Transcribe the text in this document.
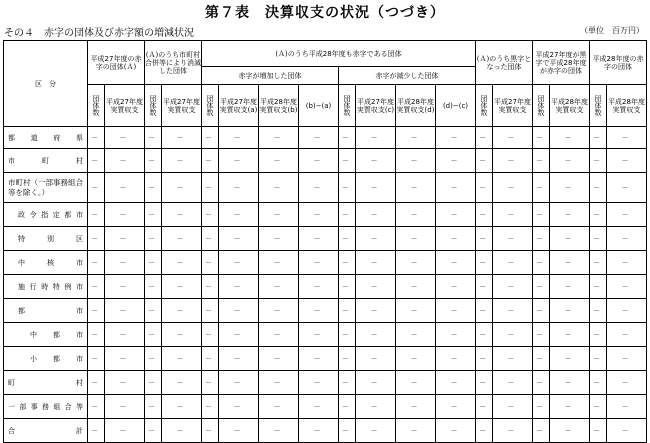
第７表　決算収支の状況（つづき）
その４　赤字の団体及び赤字額の増減状況	（単位　百万円）
区　分	平成27年度の赤字の団体(Ａ)		(Ａ)のうち市町村合併等により消滅した団体		(Ａ)のうち平成28年度も赤字である団体								(Ａ)のうち黒字となった団体		平成27年度が黒字で平成28年度が赤字の団体		平成28年度の赤字の団体	
					赤字が増加した団体				赤字が減少した団体									

	団体数	平成27年度実質収支	団体数	平成27年度実質収支	団体数	平成27年度実質収支(a)	平成28年度実質収支(b)	(b)−(a)	団体数	平成27年度実質収支(c)	平成28年度実質収支(d)	(d)−(c)	団体数	平成27年度実質収支	団体数	平成28年度実質収支	団体数	平成28年度実質収支
都道府県	－	－	－	－	－	－	－	－	－	－	－	－	－	－	－	－	－	－
市町村	－	－	－	－	－	－	－	－	－	－	－	－	－	－	－	－	－	－
市町村（一部事務組合等を除く。）	－	－	－	－	－	－	－	－	－	－	－	－	－	－	－	－	－	－
政令指定都市	－	－	－	－	－	－	－	－	－	－	－	－	－	－	－	－	－	－
特別区	－	－	－	－	－	－	－	－	－	－	－	－	－	－	－	－	－	－
中核市	－	－	－	－	－	－	－	－	－	－	－	－	－	－	－	－	－	－
施行時特例市	－	－	－	－	－	－	－	－	－	－	－	－	－	－	－	－	－	－
都市	－	－	－	－	－	－	－	－	－	－	－	－	－	－	－	－	－	－
中都市	－	－	－	－	－	－	－	－	－	－	－	－	－	－	－	－	－	－
小都市	－	－	－	－	－	－	－	－	－	－	－	－	－	－	－	－	－	－
町村	－	－	－	－	－	－	－	－	－	－	－	－	－	－	－	－	－	－
一部事務組合等	－	－	－	－	－	－	－	－	－	－	－	－	－	－	－	－	－	－
合計	－	－	－	－	－	－	－	－	－	－	－	－	－	－	－	－	－	－
